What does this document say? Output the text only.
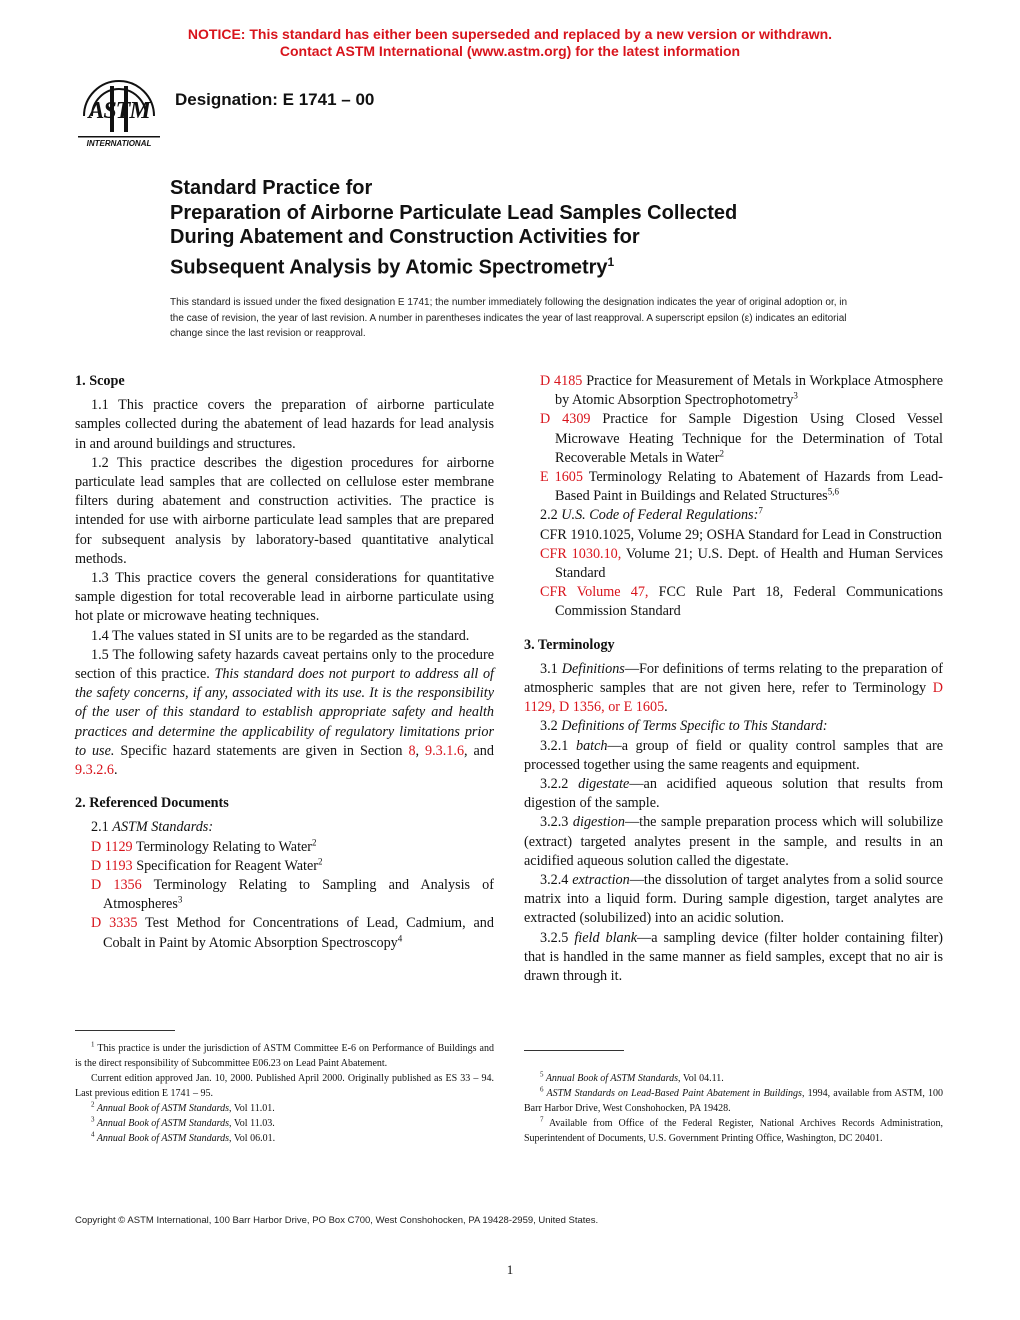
NOTICE: This standard has either been superseded and replaced by a new version or withdrawn.
Contact ASTM International (www.astm.org) for the latest information
ASTM
INTERNATIONAL
Designation: E 1741 – 00
Standard Practice for
Preparation of Airborne Particulate Lead Samples Collected
During Abatement and Construction Activities for
Subsequent Analysis by Atomic Spectrometry$^1$
This standard is issued under the fixed designation E 1741; the number immediately following the designation indicates the year of original adoption or, in the case of revision, the year of last revision. A number in parentheses indicates the year of last reapproval. A superscript epsilon (ε) indicates an editorial change since the last revision or reapproval.
1. Scope

1.1 This practice covers the preparation of airborne particulate samples collected during the abatement of lead hazards for lead analysis in and around buildings and structures.

1.2 This practice describes the digestion procedures for airborne particulate lead samples that are collected on cellulose ester membrane filters during abatement and construction activities. The practice is intended for use with airborne particulate lead samples that are prepared for subsequent analysis by laboratory-based quantitative analytical methods.

1.3 This practice covers the general considerations for quantitative sample digestion for total recoverable lead in airborne particulate using hot plate or microwave heating techniques.

1.4 The values stated in SI units are to be regarded as the standard.

1.5 The following safety hazards caveat pertains only to the procedure section of this practice. This standard does not purport to address all of the safety concerns, if any, associated with its use. It is the responsibility of the user of this standard to establish appropriate safety and health practices and determine the applicability of regulatory limitations prior to use. Specific hazard statements are given in Section 8, 9.3.1.6, and 9.3.2.6.

2. Referenced Documents

2.1 ASTM Standards:

D 1129 Terminology Relating to Water$^2$

D 1193 Specification for Reagent Water$^2$

D 1356 Terminology Relating to Sampling and Analysis of Atmospheres$^3$

D 3335 Test Method for Concentrations of Lead, Cadmium, and Cobalt in Paint by Atomic Absorption Spectroscopy$^4$

$^1$ This practice is under the jurisdiction of ASTM Committee E-6 on Performance of Buildings and is the direct responsibility of Subcommittee E06.23 on Lead Paint Abatement.

Current edition approved Jan. 10, 2000. Published April 2000. Originally published as ES 33 – 94. Last previous edition E 1741 – 95.

$^2$ Annual Book of ASTM Standards, Vol 11.01.

$^3$ Annual Book of ASTM Standards, Vol 11.03.

$^4$ Annual Book of ASTM Standards, Vol 06.01.

D 4185 Practice for Measurement of Metals in Workplace Atmosphere by Atomic Absorption Spectrophotometry$^3$

D 4309 Practice for Sample Digestion Using Closed Vessel Microwave Heating Technique for the Determination of Total Recoverable Metals in Water$^2$

E 1605 Terminology Relating to Abatement of Hazards from Lead-Based Paint in Buildings and Related Structures$^{5,6}$

2.2 U.S. Code of Federal Regulations:$^7$

CFR 1910.1025, Volume 29; OSHA Standard for Lead in Construction

CFR 1030.10, Volume 21; U.S. Dept. of Health and Human Services Standard

CFR Volume 47, FCC Rule Part 18, Federal Communications Commission Standard

3. Terminology

3.1 Definitions—For definitions of terms relating to the preparation of atmospheric samples that are not given here, refer to Terminology D 1129, D 1356, or E 1605.

3.2 Definitions of Terms Specific to This Standard:

3.2.1 batch—a group of field or quality control samples that are processed together using the same reagents and equipment.

3.2.2 digestate—an acidified aqueous solution that results from digestion of the sample.

3.2.3 digestion—the sample preparation process which will solubilize (extract) targeted analytes present in the sample, and results in an acidified aqueous solution called the digestate.

3.2.4 extraction—the dissolution of target analytes from a solid source matrix into a liquid form. During sample digestion, target analytes are extracted (solubilized) into an acidic solution.

3.2.5 field blank—a sampling device (filter holder containing filter) that is handled in the same manner as field samples, except that no air is drawn through it.

$^5$ Annual Book of ASTM Standards, Vol 04.11.

$^6$ ASTM Standards on Lead-Based Paint Abatement in Buildings, 1994, available from ASTM, 100 Barr Harbor Drive, West Conshohocken, PA 19428.

$^7$ Available from Office of the Federal Register, National Archives Records Administration, Superintendent of Documents, U.S. Government Printing Office, Washington, DC 20401.

Copyright © ASTM International, 100 Barr Harbor Drive, PO Box C700, West Conshohocken, PA 19428-2959, United States.
1
